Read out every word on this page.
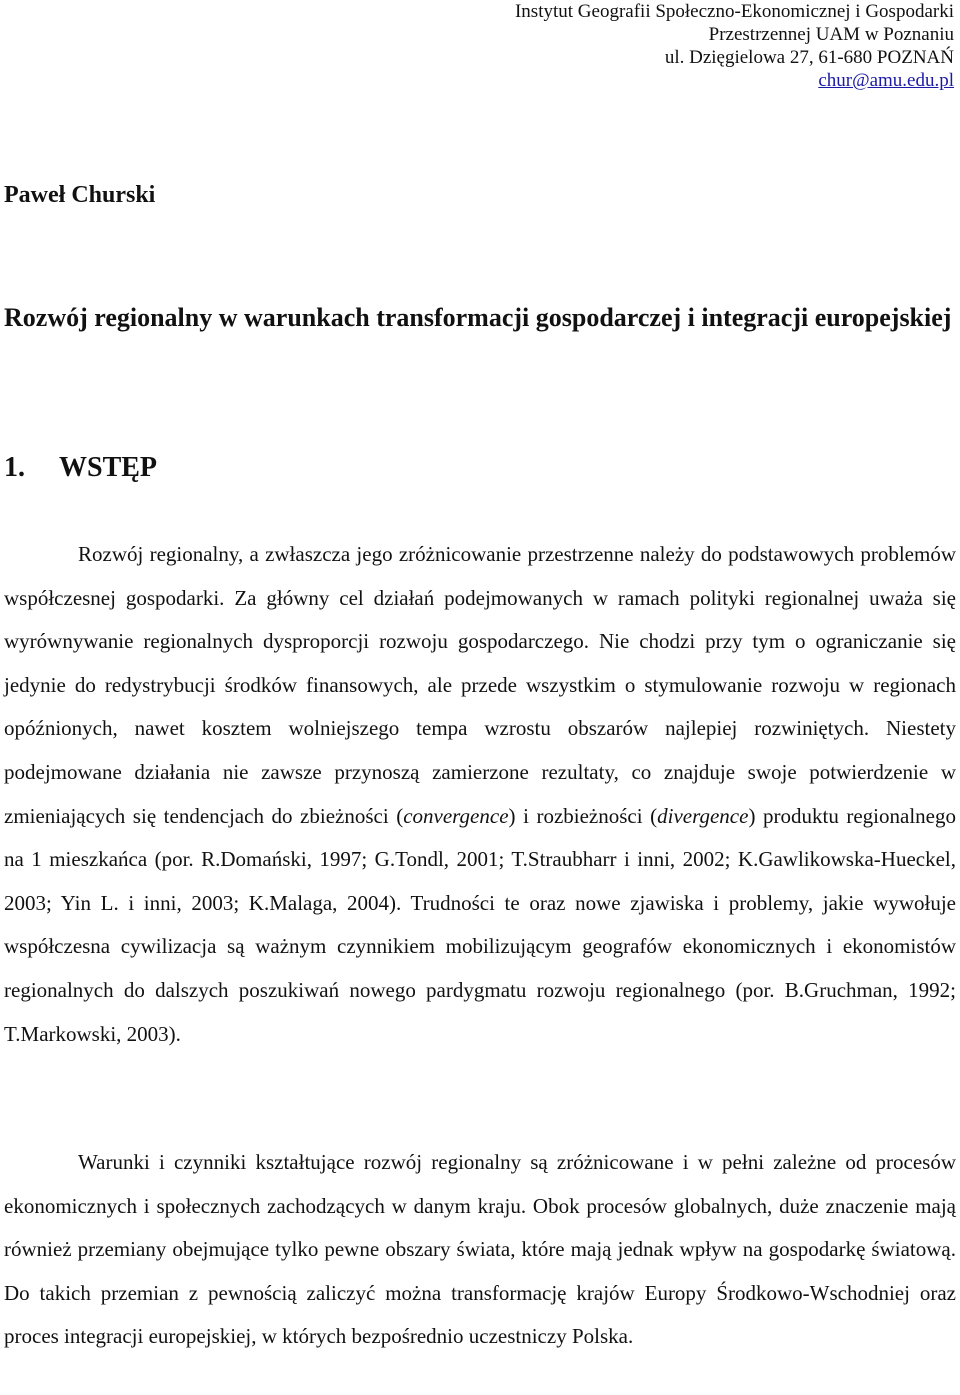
Instytut Geografii Społeczno-Ekonomicznej i Gospodarki
Przestrzennej UAM w Poznaniu
ul. Dzięgielowa 27, 61-680 POZNAŃ
chur@amu.edu.pl
Paweł Churski
Rozwój regionalny w warunkach transformacji gospodarczej i integracji europejskiej
1. WSTĘP

Rozwój regionalny, a zwłaszcza jego zróżnicowanie przestrzenne należy do podstawowych problemów współczesnej gospodarki. Za główny cel działań podejmowanych w ramach polityki regionalnej uważa się wyrównywanie regionalnych dysproporcji rozwoju gospodarczego. Nie chodzi przy tym o ograniczanie się jedynie do redystrybucji środków finansowych, ale przede wszystkim o stymulowanie rozwoju w regionach opóźnionych, nawet kosztem wolniejszego tempa wzrostu obszarów najlepiej rozwiniętych. Niestety podejmowane działania nie zawsze przynoszą zamierzone rezultaty, co znajduje swoje potwierdzenie w zmieniających się tendencjach do zbieżności (convergence) i rozbieżności (divergence) produktu regionalnego na 1 mieszkańca (por. R.Domański, 1997; G.Tondl, 2001; T.Straubharr i inni, 2002; K.Gawlikowska-Hueckel, 2003; Yin L. i inni, 2003; K.Malaga, 2004). Trudności te oraz nowe zjawiska i problemy, jakie wywołuje współczesna cywilizacja są ważnym czynnikiem mobilizującym geografów ekonomicznych i ekonomistów regionalnych do dalszych poszukiwań nowego pardygmatu rozwoju regionalnego (por. B.Gruchman, 1992; T.Markowski, 2003).

Warunki i czynniki kształtujące rozwój regionalny są zróżnicowane i w pełni zależne od procesów ekonomicznych i społecznych zachodzących w danym kraju. Obok procesów globalnych, duże znaczenie mają również przemiany obejmujące tylko pewne obszary świata, które mają jednak wpływ na gospodarkę światową. Do takich przemian z pewnością zaliczyć można transformację krajów Europy Środkowo-Wschodniej oraz proces integracji europejskiej, w których bezpośrednio uczestniczy Polska.
